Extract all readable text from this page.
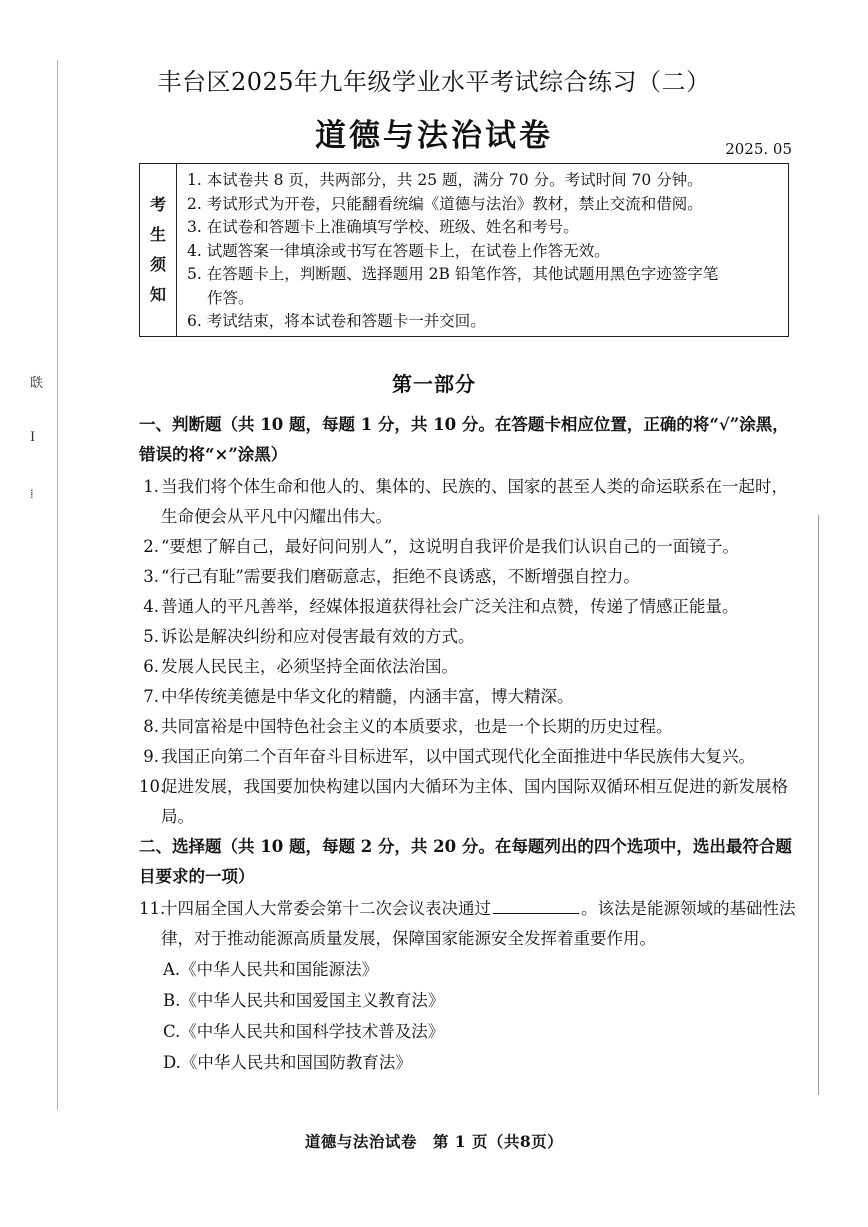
㲳
I
⁞
丰台区2025年九年级学业水平考试综合练习（二）
道德与法治试卷	2025. 05
考
生
须
知
1. 本试卷共 8 页，共两部分，共 25 题，满分 70 分。考试时间 70 分钟。
2. 考试形式为开卷，只能翻看统编《道德与法治》教材，禁止交流和借阅。
3. 在试卷和答题卡上准确填写学校、班级、姓名和考号。
4. 试题答案一律填涂或书写在答题卡上，在试卷上作答无效。
5. 在答题卡上，判断题、选择题用 2B 铅笔作答，其他试题用黑色字迹签字笔
作答。
6. 考试结束，将本试卷和答题卡一并交回。
第一部分
一、判断题（共 10 题，每题 1 分，共 10 分。在答题卡相应位置，正确的将“√”涂黑，错误的将“×”涂黑）
1. 当我们将个体生命和他人的、集体的、民族的、国家的甚至人类的命运联系在一起时，生命便会从平凡中闪耀出伟大。
2. “要想了解自己，最好问问别人”，这说明自我评价是我们认识自己的一面镜子。
3. “行己有耻”需要我们磨砺意志，拒绝不良诱惑，不断增强自控力。
4. 普通人的平凡善举，经媒体报道获得社会广泛关注和点赞，传递了情感正能量。
5. 诉讼是解决纠纷和应对侵害最有效的方式。
6. 发展人民民主，必须坚持全面依法治国。
7. 中华传统美德是中华文化的精髓，内涵丰富，博大精深。
8. 共同富裕是中国特色社会主义的本质要求，也是一个长期的历史过程。
9. 我国正向第二个百年奋斗目标进军，以中国式现代化全面推进中华民族伟大复兴。
10.
促进发展，我国要加快构建以国内大循环为主体、国内国际双循环相互促进的新发展格局。
二、选择题（共 10 题，每题 2 分，共 20 分。在每题列出的四个选项中，选出最符合题目要求的一项）
11.
十四届全国人大常委会第十二次会议表决通过	。该法是能源领域的基础性法律，对于推动能源高质量发展，保障国家能源安全发挥着重要作用。
A.《中华人民共和国能源法》
B.《中华人民共和国爱国主义教育法》
C.《中华人民共和国科学技术普及法》
D.《中华人民共和国国防教育法》
道德与法治试卷　第 1 页（共8页）
